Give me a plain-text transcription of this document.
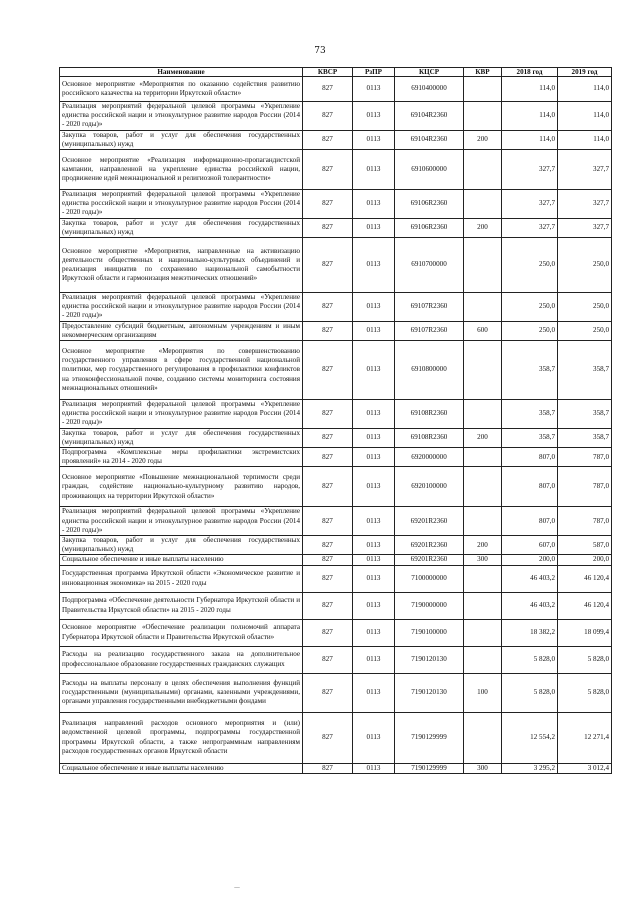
73
Наименование	КВСР	РзПР	КЦСР	КВР	2018 год	2019 год
Основное мероприятие «Мероприятия по оказанию содействия развитию российского казачества на территории Иркутской области»	827	0113	6910400000		114,0	114,0
Реализация мероприятий федеральной целевой программы «Укрепление единства российской нации и этнокультурное развитие народов России (2014 - 2020 годы)»	827	0113	69104R2360		114,0	114,0
Закупка товаров, работ и услуг для обеспечения государственных (муниципальных) нужд	827	0113	69104R2360	200	114,0	114,0
Основное мероприятие «Реализация информационно-пропагандистской кампании, направленной на укрепление единства российской нации, продвижение идей межнациональной и религиозной толерантности»	827	0113	6910600000		327,7	327,7
Реализация мероприятий федеральной целевой программы «Укрепление единства российской нации и этнокультурное развитие народов России (2014 - 2020 годы)»	827	0113	69106R2360		327,7	327,7
Закупка товаров, работ и услуг для обеспечения государственных (муниципальных) нужд	827	0113	69106R2360	200	327,7	327,7
Основное мероприятие «Мероприятия, направленные на активизацию деятельности общественных и национально-культурных объединений и реализация инициатив по сохранению национальной самобытности Иркутской области и гармонизация межэтнических отношений»	827	0113	6910700000		250,0	250,0
Реализация мероприятий федеральной целевой программы «Укрепление единства российской нации и этнокультурное развитие народов России (2014 - 2020 годы)»	827	0113	69107R2360		250,0	250,0
Предоставление субсидий бюджетным, автономным учреждениям и иным некоммерческим организациям	827	0113	69107R2360	600	250,0	250,0
Основное мероприятие «Мероприятия по совершенствованию государственного управления в сфере государственной национальной политики, мер государственного регулирования в профилактики конфликтов на этноконфессиональной почве, созданию системы мониторинга состояния межнациональных отношений»	827	0113	6910800000		358,7	358,7
Реализация мероприятий федеральной целевой программы «Укрепление единства российской нации и этнокультурное развитие народов России (2014 - 2020 годы)»	827	0113	69108R2360		358,7	358,7
Закупка товаров, работ и услуг для обеспечения государственных (муниципальных) нужд	827	0113	69108R2360	200	358,7	358,7
Подпрограмма «Комплексные меры профилактики экстремистских проявлений» на 2014 - 2020 годы	827	0113	6920000000		807,0	787,0
Основное мероприятие «Повышение межнациональной терпимости среди граждан, содействие национально-культурному развитию народов, проживающих на территории Иркутской области»	827	0113	6920100000		807,0	787,0
Реализация мероприятий федеральной целевой программы «Укрепление единства российской нации и этнокультурное развитие народов России (2014 - 2020 годы)»	827	0113	69201R2360		807,0	787,0
Закупка товаров, работ и услуг для обеспечения государственных (муниципальных) нужд	827	0113	69201R2360	200	607,0	587,0
Социальное обеспечение и иные выплаты населению	827	0113	69201R2360	300	200,0	200,0
Государственная программа Иркутской области «Экономическое развитие и инновационная экономика» на 2015 - 2020 годы	827	0113	7100000000		46 403,2	46 120,4
Подпрограмма «Обеспечение деятельности Губернатора Иркутской области и Правительства Иркутской области» на 2015 - 2020 годы	827	0113	7190000000		46 403,2	46 120,4
Основное мероприятие «Обеспечение реализации полномочий аппарата Губернатора Иркутской области и Правительства Иркутской области»	827	0113	7190100000		18 382,2	18 099,4
Расходы на реализацию государственного заказа на дополнительное профессиональное образование государственных гражданских служащих	827	0113	7190120130		5 828,0	5 828,0
Расходы на выплаты персоналу в целях обеспечения выполнения функций государственными (муниципальными) органами, казенными учреждениями, органами управления государственными внебюджетными фондами	827	0113	7190120130	100	5 828,0	5 828,0
Реализация направлений расходов основного мероприятия и (или) ведомственной целевой программы, подпрограммы государственной программы Иркутской области, а также непрограммным направлениям расходов государственных органов Иркутской области	827	0113	7190129999		12 554,2	12 271,4
Социальное обеспечение и иные выплаты населению	827	0113	7190129999	300	3 295,2	3 012,4
—
